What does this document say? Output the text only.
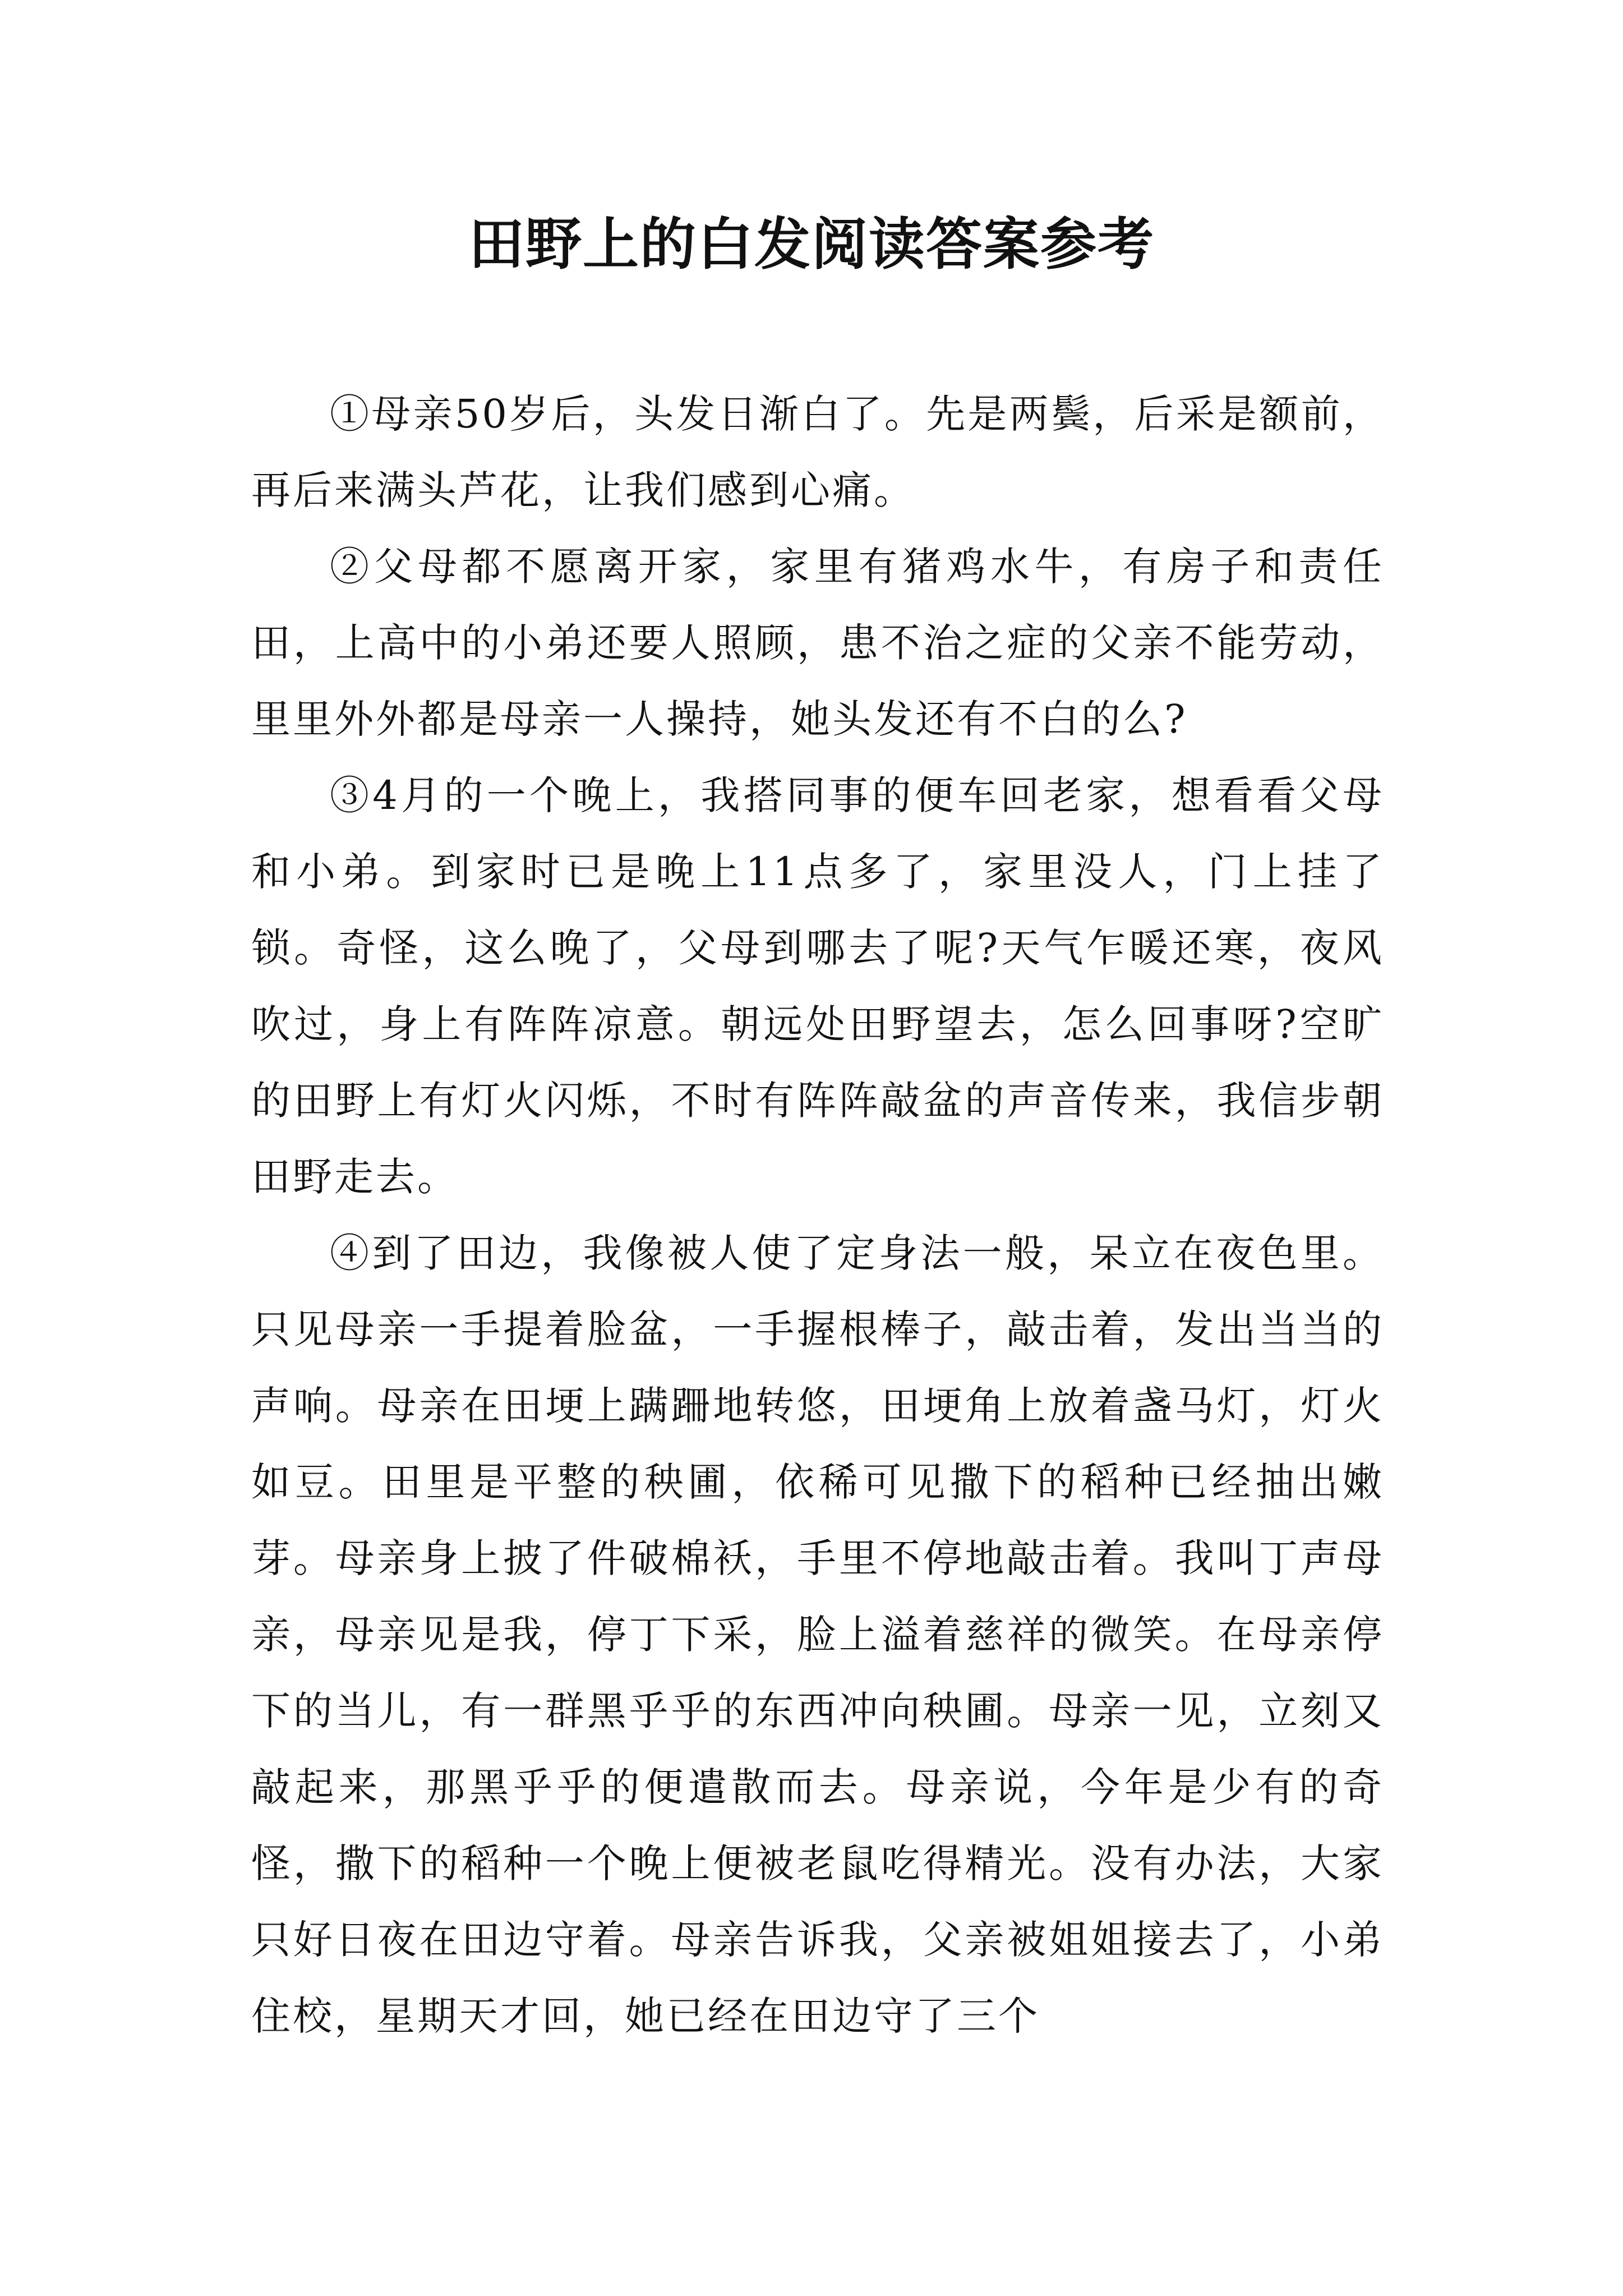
田野上的白发阅读答案参考

①母亲50岁后，头发日渐白了。先是两鬓，后采是额前，再后来满头芦花，让我们感到心痛。

②父母都不愿离开家，家里有猪鸡水牛，有房子和责任田，上高中的小弟还要人照顾，患不治之症的父亲不能劳动，里里外外都是母亲一人操持，她头发还有不白的么?

③4月的一个晚上，我搭同事的便车回老家，想看看父母和小弟。到家时已是晚上11点多了，家里没人，门上挂了锁。奇怪，这么晚了，父母到哪去了呢?天气乍暖还寒，夜风吹过，身上有阵阵凉意。朝远处田野望去，怎么回事呀?空旷的田野上有灯火闪烁，不时有阵阵敲盆的声音传来，我信步朝田野走去。

④到了田边，我像被人使了定身法一般，呆立在夜色里。只见母亲一手提着脸盆，一手握根棒子，敲击着，发出当当的声响。母亲在田埂上蹒跚地转悠，田埂角上放着盏马灯，灯火如豆。田里是平整的秧圃，依稀可见撒下的稻种已经抽出嫩芽。母亲身上披了件破棉袄，手里不停地敲击着。我叫丁声母亲，母亲见是我，停丁下采，脸上溢着慈祥的微笑。在母亲停下的当儿，有一群黑乎乎的东西冲向秧圃。母亲一见，立刻又敲起来，那黑乎乎的便遣散而去。母亲说，今年是少有的奇怪，撒下的稻种一个晚上便被老鼠吃得精光。没有办法，大家只好日夜在田边守着。母亲告诉我，父亲被姐姐接去了，小弟住校，星期天才回，她已经在田边守了三个
